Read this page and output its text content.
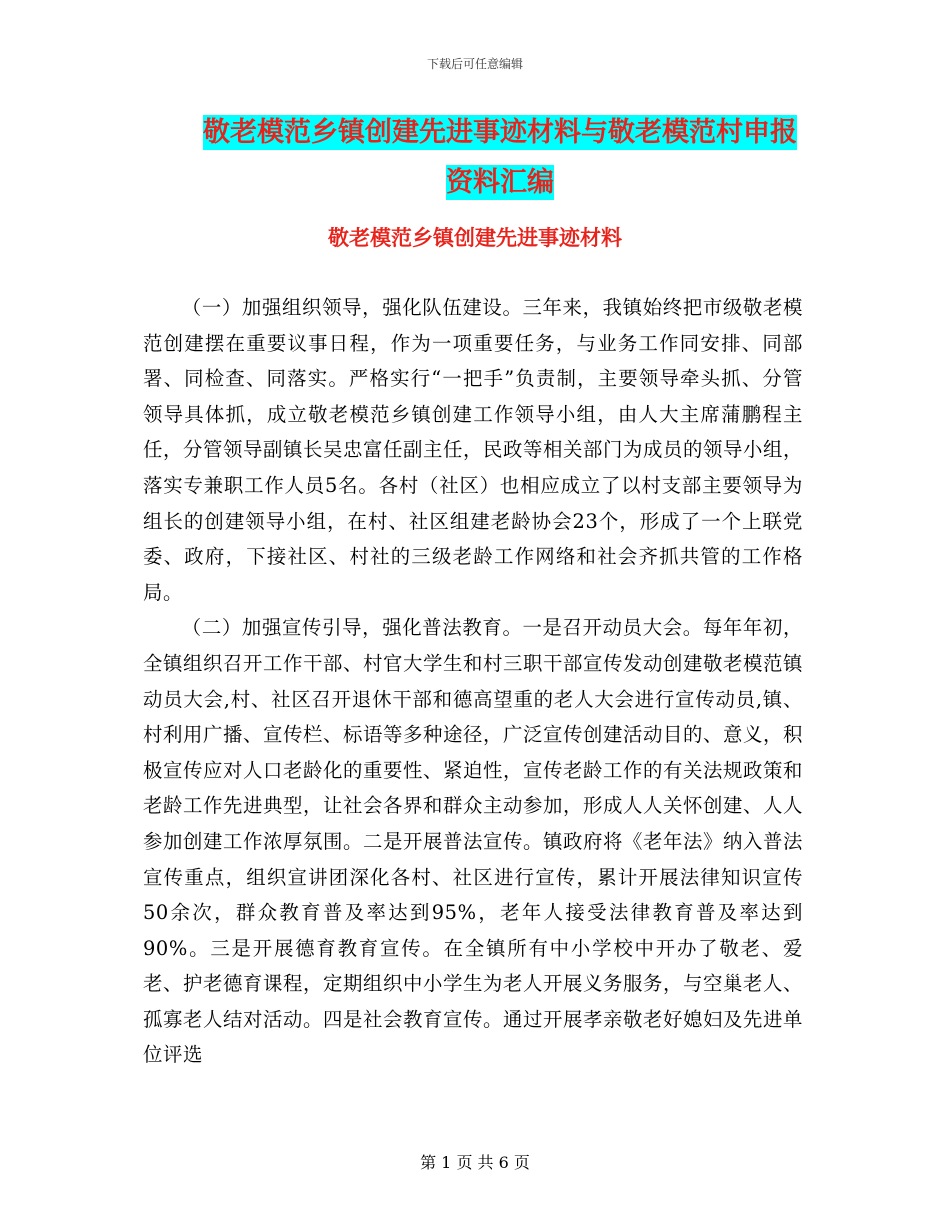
下载后可任意编辑
敬老模范乡镇创建先进事迹材料与敬老模范村申报资料汇编
敬老模范乡镇创建先进事迹材料

（一）加强组织领导，强化队伍建设。三年来，我镇始终把市级敬老模范创建摆在重要议事日程，作为一项重要任务，与业务工作同安排、同部署、同检查、同落实。严格实行“一把手”负责制，主要领导牵头抓、分管领导具体抓，成立敬老模范乡镇创建工作领导小组，由人大主席蒲鹏程主任，分管领导副镇长吴忠富任副主任，民政等相关部门为成员的领导小组，落实专兼职工作人员5名。各村（社区）也相应成立了以村支部主要领导为组长的创建领导小组，在村、社区组建老龄协会23个，形成了一个上联党委、政府，下接社区、村社的三级老龄工作网络和社会齐抓共管的工作格局。

（二）加强宣传引导，强化普法教育。一是召开动员大会。每年年初，全镇组织召开工作干部、村官大学生和村三职干部宣传发动创建敬老模范镇动员大会,村、社区召开退休干部和德高望重的老人大会进行宣传动员,镇、村利用广播、宣传栏、标语等多种途径，广泛宣传创建活动目的、意义，积极宣传应对人口老龄化的重要性、紧迫性，宣传老龄工作的有关法规政策和老龄工作先进典型，让社会各界和群众主动参加，形成人人关怀创建、人人参加创建工作浓厚氛围。二是开展普法宣传。镇政府将《老年法》纳入普法宣传重点，组织宣讲团深化各村、社区进行宣传，累计开展法律知识宣传50余次，群众教育普及率达到95%，老年人接受法律教育普及率达到90%。三是开展德育教育宣传。在全镇所有中小学校中开办了敬老、爱老、护老德育课程，定期组织中小学生为老人开展义务服务，与空巢老人、孤寡老人结对活动。四是社会教育宣传。通过开展孝亲敬老好媳妇及先进单位评选

第 1 页 共 6 页
